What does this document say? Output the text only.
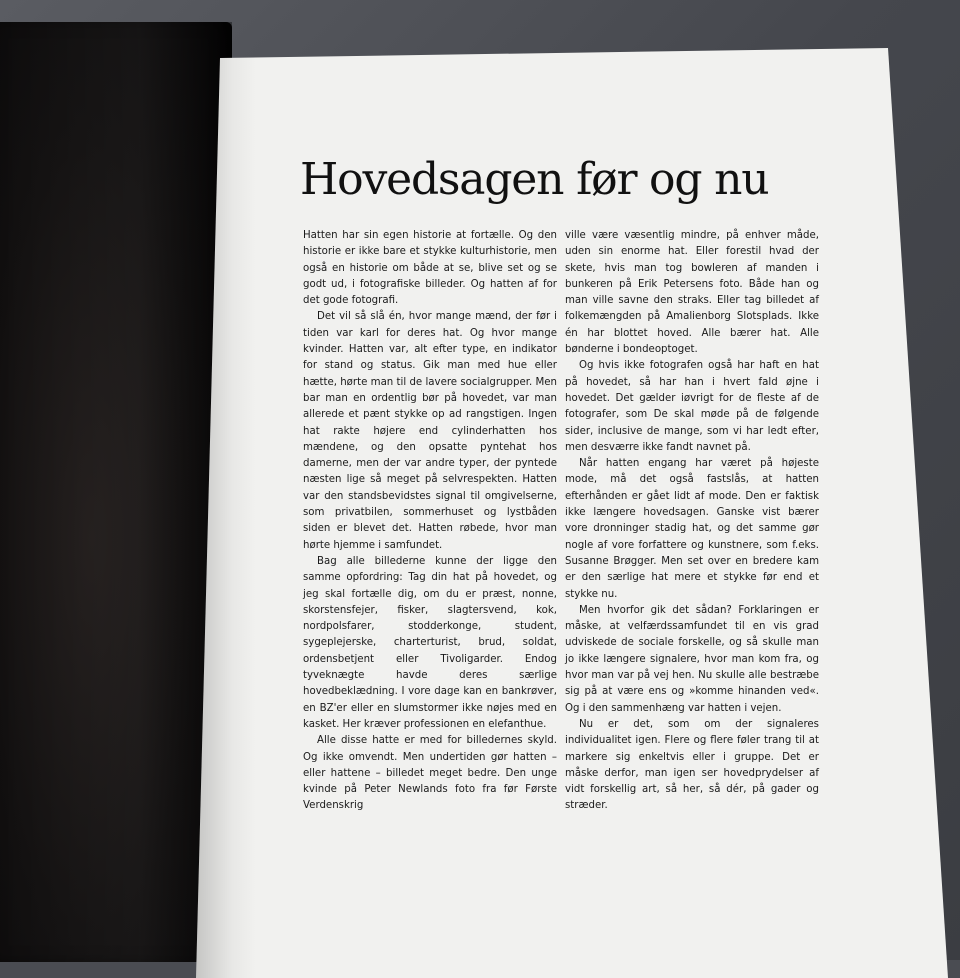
Hovedsagen før og nu

Hatten har sin egen historie at fortælle. Og den historie er ikke bare et stykke kulturhistorie, men også en historie om både at se, blive set og se godt ud, i fotografiske billeder. Og hatten af for det gode fotografi.

Det vil så slå én, hvor mange mænd, der før i tiden var karl for deres hat. Og hvor mange kvinder. Hatten var, alt efter type, en indikator for stand og status. Gik man med hue eller hætte, hørte man til de lavere socialgrupper. Men bar man en ordentlig bør på hovedet, var man allerede et pænt stykke op ad rangstigen. Ingen hat rakte højere end cylinderhatten hos mændene, og den opsatte pyntehat hos damerne, men der var andre typer, der pyntede næsten lige så meget på selvrespekten. Hatten var den standsbevidstes signal til omgivelserne, som privatbilen, sommerhuset og lystbåden siden er blevet det. Hatten røbede, hvor man hørte hjemme i samfundet.

Bag alle billederne kunne der ligge den samme opfordring: Tag din hat på hovedet, og jeg skal fortælle dig, om du er præst, nonne, skorstensfejer, fisker, slagtersvend, kok, nordpolsfarer, stodderkonge, student, sygeplejerske, charterturist, brud, soldat, ordensbetjent eller Tivoligarder. Endog tyveknægte havde deres særlige hovedbeklædning. I vore dage kan en bankrøver, en BZ'er eller en slumstormer ikke nøjes med en kasket. Her kræver professionen en elefanthue.

Alle disse hatte er med for billedernes skyld. Og ikke omvendt. Men undertiden gør hatten – eller hattene – billedet meget bedre. Den unge kvinde på Peter Newlands foto fra før Første Verdenskrig

ville være væsentlig mindre, på enhver måde, uden sin enorme hat. Eller forestil hvad der skete, hvis man tog bowleren af manden i bunkeren på Erik Petersens foto. Både han og man ville savne den straks. Eller tag billedet af folkemængden på Amalienborg Slotsplads. Ikke én har blottet hoved. Alle bærer hat. Alle bønderne i bondeoptoget.

Og hvis ikke fotografen også har haft en hat på hovedet, så har han i hvert fald øjne i hovedet. Det gælder iøvrigt for de fleste af de fotografer, som De skal møde på de følgende sider, inclusive de mange, som vi har ledt efter, men desværre ikke fandt navnet på.

Når hatten engang har været på højeste mode, må det også fastslås, at hatten efterhånden er gået lidt af mode. Den er faktisk ikke længere hovedsagen. Ganske vist bærer vore dronninger stadig hat, og det samme gør nogle af vore forfattere og kunstnere, som f.eks. Susanne Brøgger. Men set over en bredere kam er den særlige hat mere et stykke før end et stykke nu.

Men hvorfor gik det sådan? Forklaringen er måske, at velfærdssamfundet til en vis grad udviskede de sociale forskelle, og så skulle man jo ikke længere signalere, hvor man kom fra, og hvor man var på vej hen. Nu skulle alle bestræbe sig på at være ens og »komme hinanden ved«. Og i den sammenhæng var hatten i vejen.

Nu er det, som om der signaleres individualitet igen. Flere og flere føler trang til at markere sig enkeltvis eller i gruppe. Det er måske derfor, man igen ser hovedprydelser af vidt forskellig art, så her, så dér, på gader og stræder.
